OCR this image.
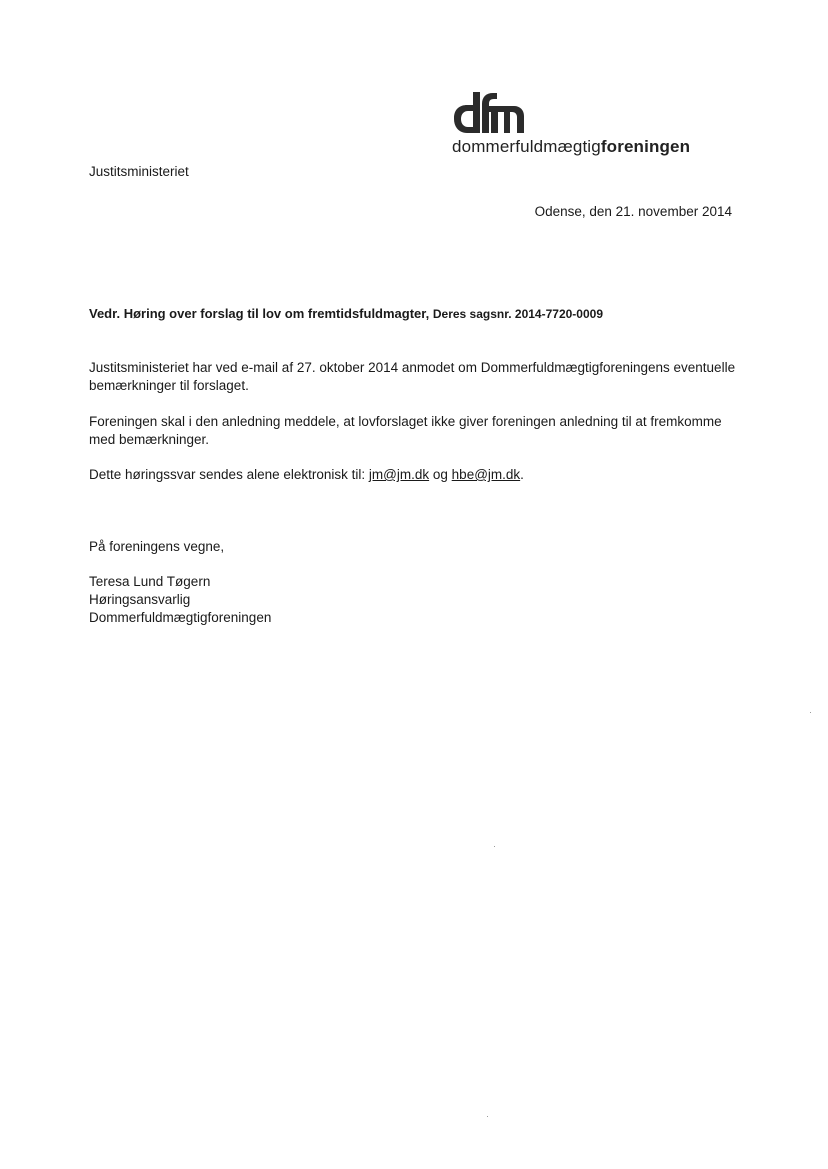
dommerfuldmægtigforeningen
Justitsministeriet
Odense, den 21. november 2014
Vedr. Høring over forslag til lov om fremtidsfuldmagter, Deres sagsnr. 2014-7720-0009
Justitsministeriet har ved e-mail af 27. oktober 2014 anmodet om Dommerfuldmægtigforeningens eventuelle bemærkninger til forslaget.
Foreningen skal i den anledning meddele, at lovforslaget ikke giver foreningen anledning til at fremkomme med bemærkninger.
Dette høringssvar sendes alene elektronisk til: jm@jm.dk og hbe@jm.dk.
På foreningens vegne,
Teresa Lund Tøgern
Høringsansvarlig
Dommerfuldmægtigforeningen
